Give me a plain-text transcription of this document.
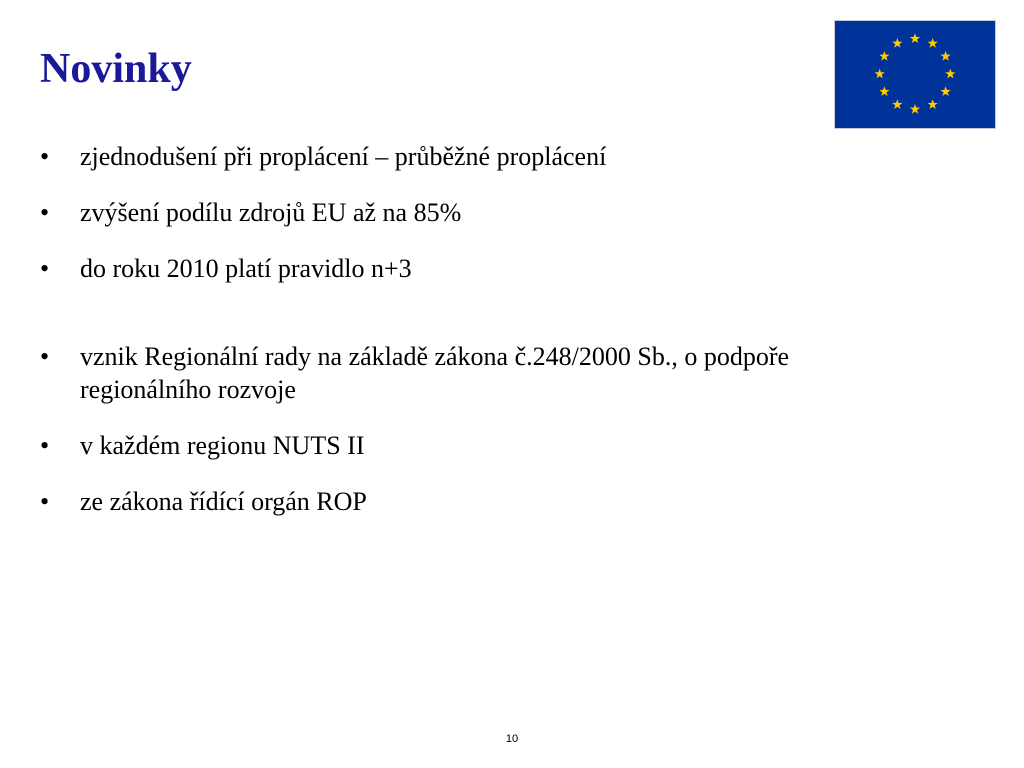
Novinky
•	zjednodušení při proplácení – průběžné proplácení
•	zvýšení podílu zdrojů EU až na 85%
•	do roku 2010 platí pravidlo n+3
•	vznik Regionální rady na základě zákona č.248/2000 Sb., o podpoře regionálního rozvoje
•	v každém regionu NUTS II
•	ze zákona řídící orgán ROP
10
